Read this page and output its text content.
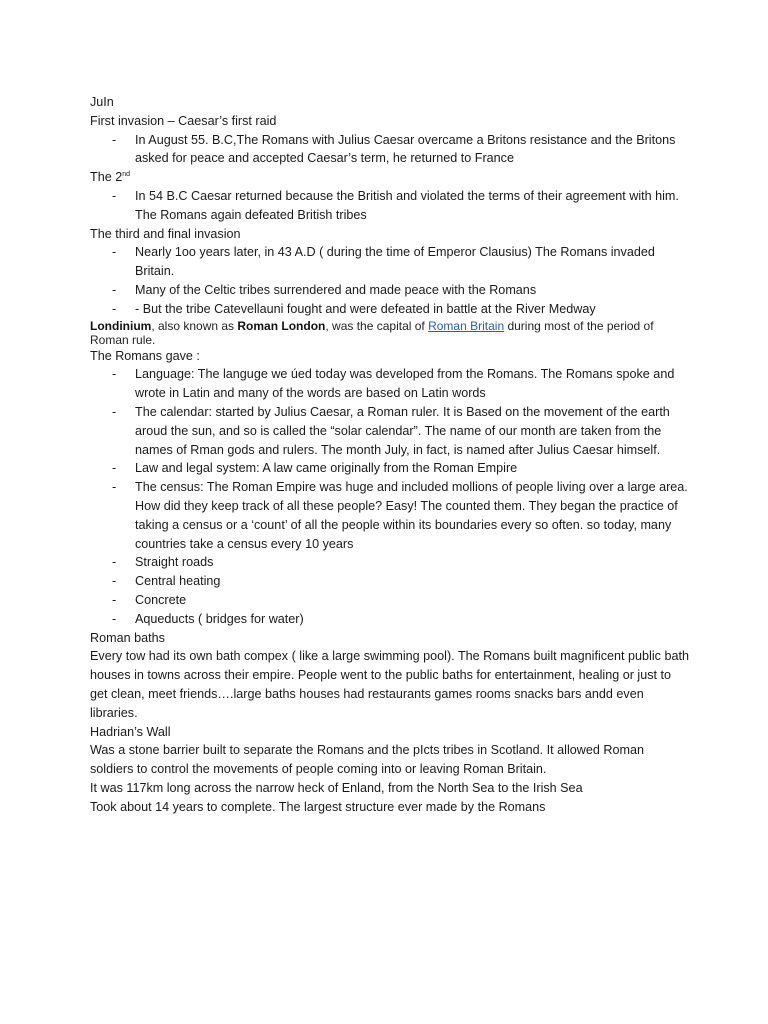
JuIn
First invasion – Caesar’s first raid
- In August 55. B.C,The Romans with Julius Caesar overcame a Britons resistance and the Britons asked for peace and accepted Caesar’s term, he returned to France
The 2nd
- In 54 B.C Caesar returned because the British and violated the terms of their agreement with him. The Romans again defeated British tribes
The third and final invasion
- Nearly 1oo years later, in 43 A.D ( during the time of Emperor Clausius) The Romans invaded Britain.
- Many of the Celtic tribes surrendered and made peace with the Romans
- - But the tribe Catevellauni fought and were defeated in battle at the River Medway
Londinium, also known as Roman London, was the capital of Roman Britain during most of the period of Roman rule.
The Romans gave :
- Language: The languge we úed today was developed from the Romans. The Romans spoke and wrote in Latin and many of the words are based on Latin words
- The calendar: started by Julius Caesar, a Roman ruler. It is Based on the movement of the earth aroud the sun, and so is called the “solar calendar”. The name of our month are taken from the names of Rman gods and rulers. The month July, in fact, is named after Julius Caesar himself.
- Law and legal system: A law came originally from the Roman Empire
- The census: The Roman Empire was huge and included mollions of people living over a large area. How did they keep track of all these people? Easy! The counted them. They began the practice of taking a census or a ‘count’ of all the people within its boundaries every so often. so today, many countries take a census every 10 years
- Straight roads
- Central heating
- Concrete
- Aqueducts ( bridges for water)
Roman baths
Every tow had its own bath compex ( like a large swimming pool). The Romans built magnificent public bath houses in towns across their empire. People went to the public baths for entertainment, healing or just to get clean, meet friends….large baths houses had restaurants games rooms snacks bars andd even libraries.
Hadrian’s Wall
Was a stone barrier built to separate the Romans and the pIcts tribes in Scotland. It allowed Roman soldiers to control the movements of people coming into or leaving Roman Britain.
It was 117km long across the narrow heck of Enland, from the North Sea to the Irish Sea
Took about 14 years to complete. The largest structure ever made by the Romans
